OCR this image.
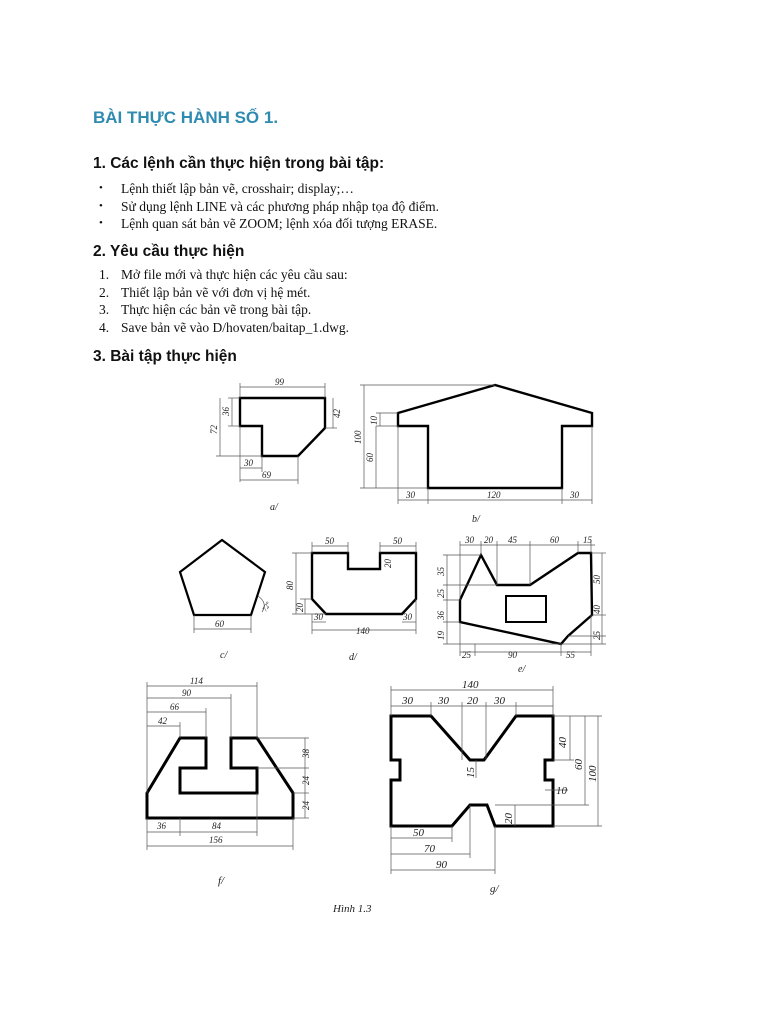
BÀI THỰC HÀNH SỐ 1.
1. Các lệnh cần thực hiện trong bài tập:
• Lệnh thiết lập bản vẽ, crosshair; display;…
• Sử dụng lệnh LINE và các phương pháp nhập tọa độ điểm.
• Lệnh quan sát bản vẽ ZOOM; lệnh xóa đối tượng ERASE.
2. Yêu cầu thực hiện
1. Mở file mới và thực hiện các yêu cầu sau:
2. Thiết lập bản vẽ với đơn vị hệ mét.
3. Thực hiện các bản vẽ trong bài tập.
4. Save bản vẽ vào D/hovaten/baitap_1.dwg.
3. Bài tập thực hiện
99
36
72
42
30
69
a/
10
100
60
30	120	30
b/
60
72°
c/
50	50
20
80
20
30	30
140
d/
30 20 45	60	15
35
25
36
19
50
40
25
25	90	55
e/
114
90
66
42
38
24
24
36	84
156
f/
140
30 30 20 30
40
60
100
15
10
20
50
70
90
g/
Hình 1.3
